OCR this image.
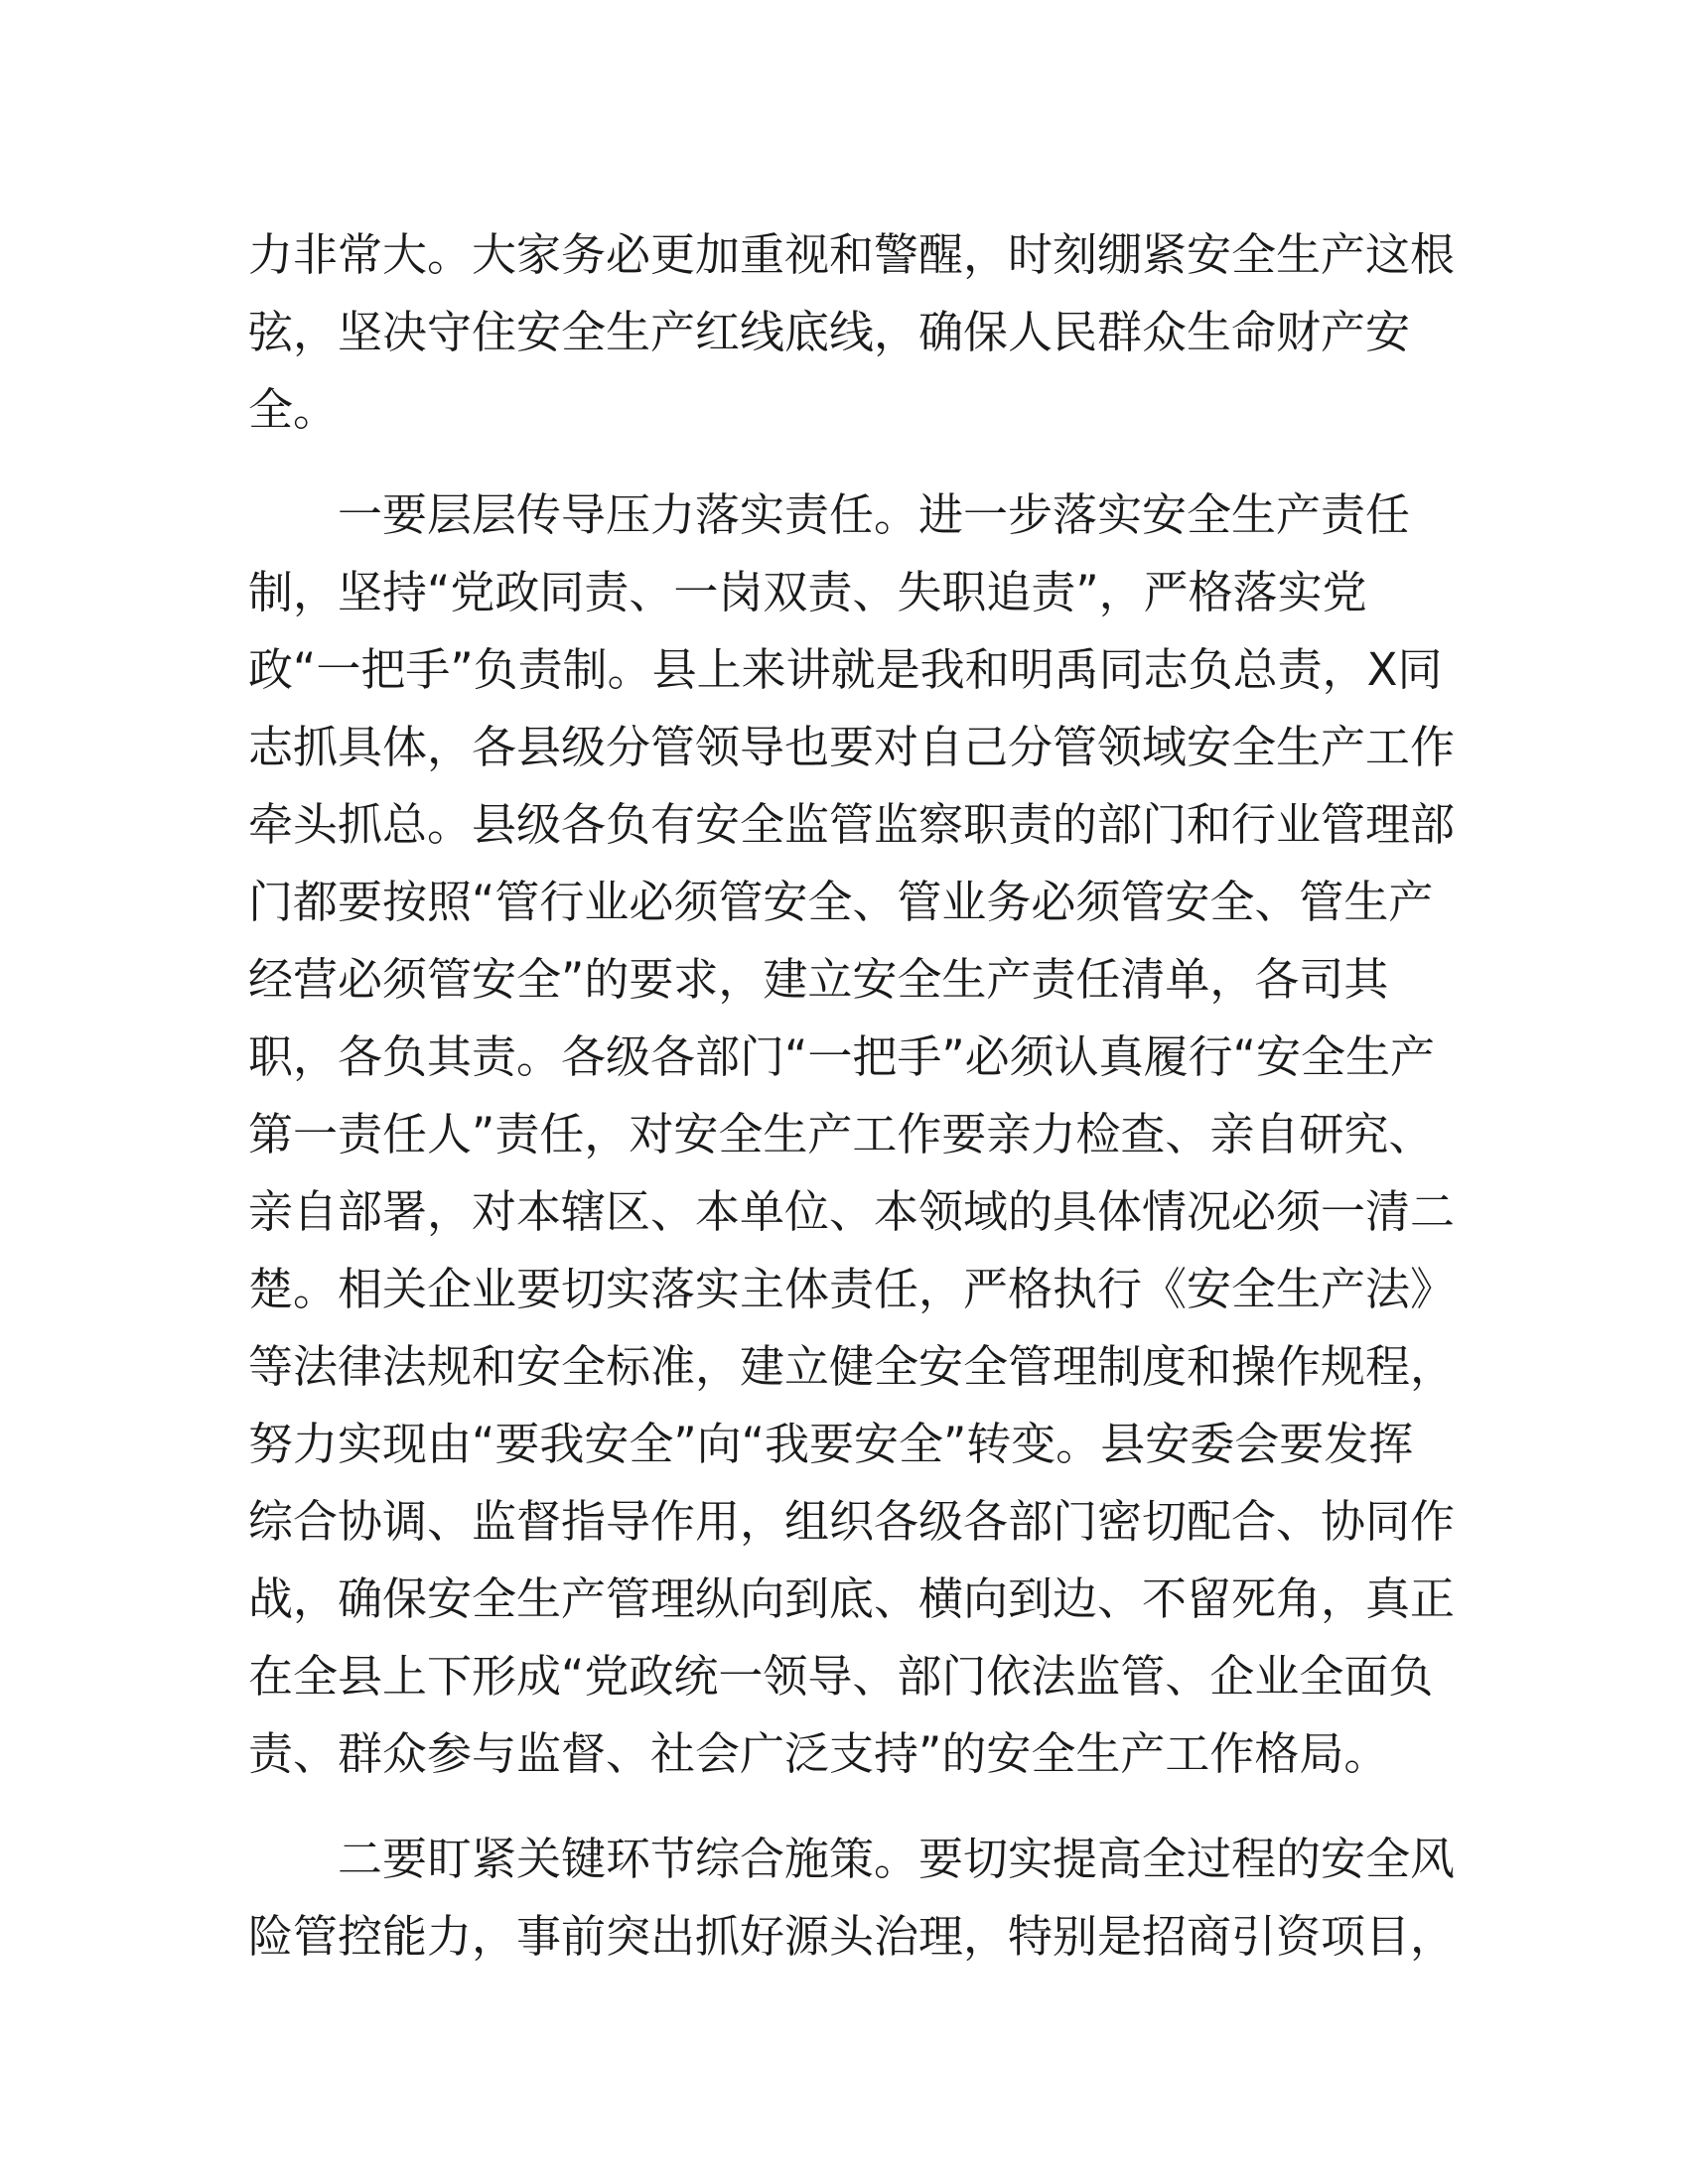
力非常大。大家务必更加重视和警醒，时刻绷紧安全生产这根
弦，坚决守住安全生产红线底线，确保人民群众生命财产安
全。
一要层层传导压力落实责任。进一步落实安全生产责任
制，坚持“党政同责、一岗双责、失职追责”，严格落实党
政“一把手”负责制。县上来讲就是我和明禹同志负总责，X同
志抓具体，各县级分管领导也要对自己分管领域安全生产工作
牵头抓总。县级各负有安全监管监察职责的部门和行业管理部
门都要按照“管行业必须管安全、管业务必须管安全、管生产
经营必须管安全”的要求，建立安全生产责任清单，各司其
职，各负其责。各级各部门“一把手”必须认真履行“安全生产
第一责任人”责任，对安全生产工作要亲力检查、亲自研究、
亲自部署，对本辖区、本单位、本领域的具体情况必须一清二
楚。相关企业要切实落实主体责任，严格执行《安全生产法》
等法律法规和安全标准，建立健全安全管理制度和操作规程，
努力实现由“要我安全”向“我要安全”转变。县安委会要发挥
综合协调、监督指导作用，组织各级各部门密切配合、协同作
战，确保安全生产管理纵向到底、横向到边、不留死角，真正
在全县上下形成“党政统一领导、部门依法监管、企业全面负
责、群众参与监督、社会广泛支持”的安全生产工作格局。
二要盯紧关键环节综合施策。要切实提高全过程的安全风
险管控能力，事前突出抓好源头治理，特别是招商引资项目，
